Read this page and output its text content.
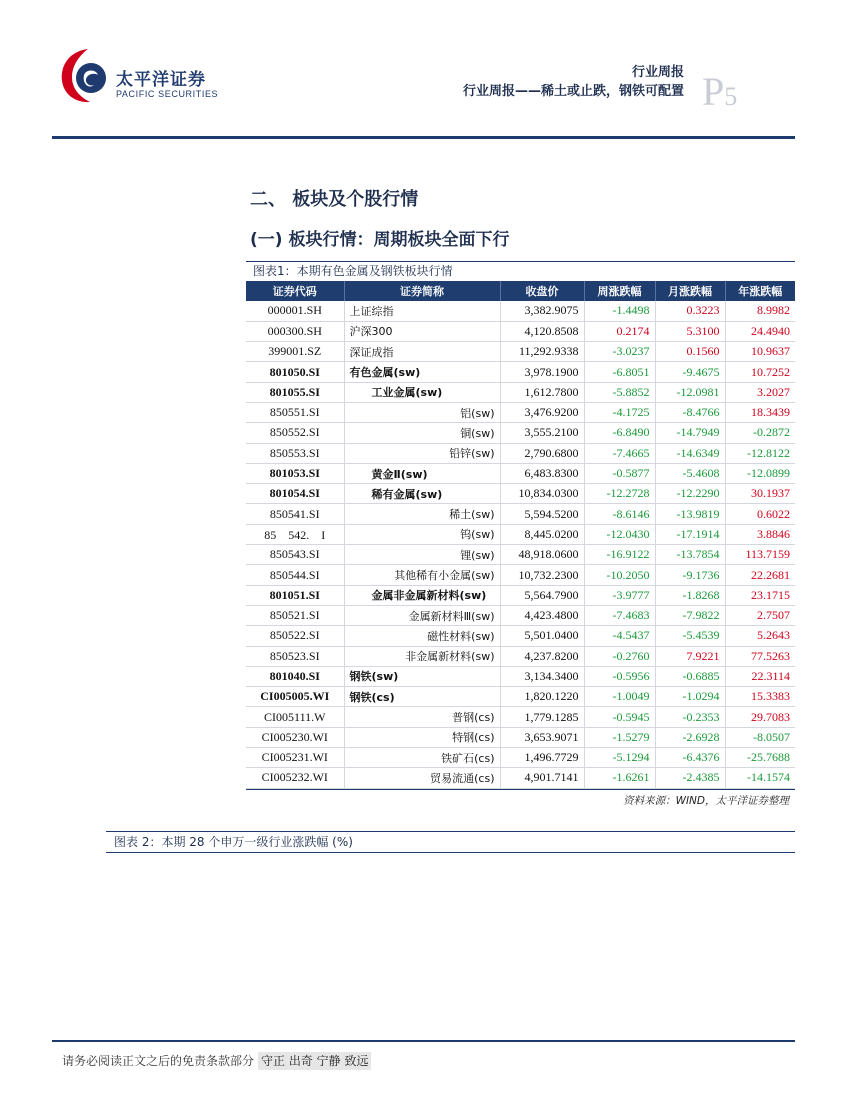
太平洋证券
PACIFIC SECURITIES
行业周报
行业周报——稀土或止跌，钢铁可配置 P5
二、 板块及个股行情
(一) 板块行情：周期板块全面下行
图表1：本期有色金属及钢铁板块行情
证券代码	证券简称	收盘价	周涨跌幅	月涨跌幅	年涨跌幅
000001.SH	上证综指	3,382.9075	-1.4498	0.3223	8.9982
000300.SH	沪深300	4,120.8508	0.2174	5.3100	24.4940
399001.SZ	深证成指	11,292.9338	-3.0237	0.1560	10.9637
801050.SI	有色金属(sw)	3,978.1900	-6.8051	-9.4675	10.7252
801055.SI	　　工业金属(sw)	1,612.7800	-5.8852	-12.0981	3.2027
850551.SI	铝(sw)	3,476.9200	-4.1725	-8.4766	18.3439
850552.SI	铜(sw)	3,555.2100	-6.8490	-14.7949	-0.2872
850553.SI	铅锌(sw)	2,790.6800	-7.4665	-14.6349	-12.8122
801053.SI	　　黄金Ⅱ(sw)	6,483.8300	-0.5877	-5.4608	-12.0899
801054.SI	　　稀有金属(sw)	10,834.0300	-12.2728	-12.2290	30.1937
850541.SI	稀土(sw)	5,594.5200	-8.6146	-13.9819	0.6022
85　542.　I	钨(sw)	8,445.0200	-12.0430	-17.1914	3.8846
850543.SI	锂(sw)	48,918.0600	-16.9122	-13.7854	113.7159
850544.SI	其他稀有小金属(sw)	10,732.2300	-10.2050	-9.1736	22.2681
801051.SI	　　金属非金属新材料(sw)	5,564.7900	-3.9777	-1.8268	23.1715
850521.SI	金属新材料Ⅲ(sw)	4,423.4800	-7.4683	-7.9822	2.7507
850522.SI	磁性材料(sw)	5,501.0400	-4.5437	-5.4539	5.2643
850523.SI	非金属新材料(sw)	4,237.8200	-0.2760	7.9221	77.5263
801040.SI	钢铁(sw)	3,134.3400	-0.5956	-0.6885	22.3114
CI005005.WI	钢铁(cs)	1,820.1220	-1.0049	-1.0294	15.3383
CI005111.W	普钢(cs)	1,779.1285	-0.5945	-0.2353	29.7083
CI005230.WI	特钢(cs)	3,653.9071	-1.5279	-2.6928	-8.0507
CI005231.WI	铁矿石(cs)	1,496.7729	-5.1294	-6.4376	-25.7688
CI005232.WI	贸易流通(cs)	4,901.7141	-1.6261	-2.4385	-14.1574
资料来源：WIND，太平洋证券整理
图表 2：本期 28 个申万一级行业涨跌幅 (%)
请务必阅读正文之后的免责条款部分 守正 出奇 宁静 致远
